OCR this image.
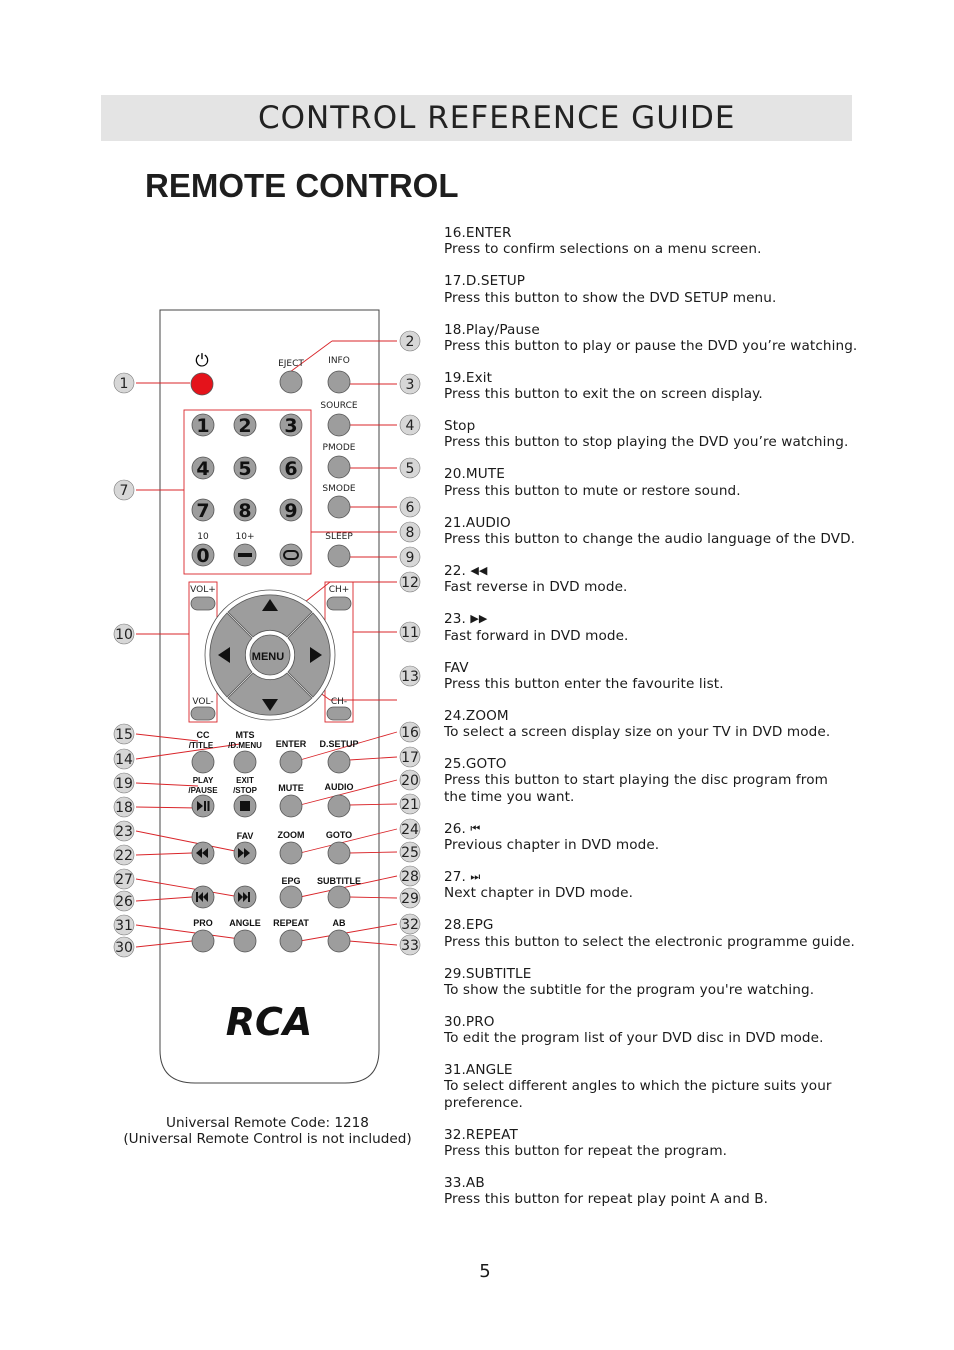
CONTROL REFERENCE GUIDE
REMOTE CONTROL
⏻	EJECT	INFO
SOURCE
PMODE
SMODE
SLEEP
10	10+
1 2 3
4 5 6
7 8 9
0
VOL+
VOL-
CH+
CH-
MENU
CC
/TITLE
MTS
/D.MENU ENTER D.SETUP
PLAY
/PAUSE
EXIT
/STOP MUTE AUDIO
FAV	ZOOM GOTO
EPG SUBTITLE
PRO ANGLE REPEAT	AB
RCA
1
7
10
15
14
19
18
23
22
27
26
31
30
2
3
4
5
6
8
9
12
11
13
16
17
20
21
24
25
28
29
32
33
16.ENTER
Press to confirm selections on a menu screen.
17.D.SETUP
Press this button to show the DVD SETUP menu.
18.Play/Pause
Press this button to play or pause the DVD you’re watching.
19.Exit
Press this button to exit the on screen display.
Stop
Press this button to stop playing the DVD you’re watching.
20.MUTE
Press this button to mute or restore sound.
21.AUDIO
Press this button to change the audio language of the DVD.
22. ◀◀
Fast reverse in DVD mode.
23. ▶▶
Fast forward in DVD mode.
FAV
Press this button enter the favourite list.
24.ZOOM
To select a screen display size on your TV in DVD mode.
25.GOTO
Press this button to start playing the disc program from the time you want.
26. ⏮
Previous chapter in DVD mode.
27. ⏭
Next chapter in DVD mode.
28.EPG
Press this button to select the electronic programme guide.
29.SUBTITLE
To show the subtitle for the program you're watching.
30.PRO
To edit the program list of your DVD disc in DVD mode.
31.ANGLE
To select different angles to which the picture suits your preference.
32.REPEAT
Press this button for repeat the program.
33.AB
Press this button for repeat play point A and B.
Universal Remote Code: 1218
(Universal Remote Control is not included)
5
